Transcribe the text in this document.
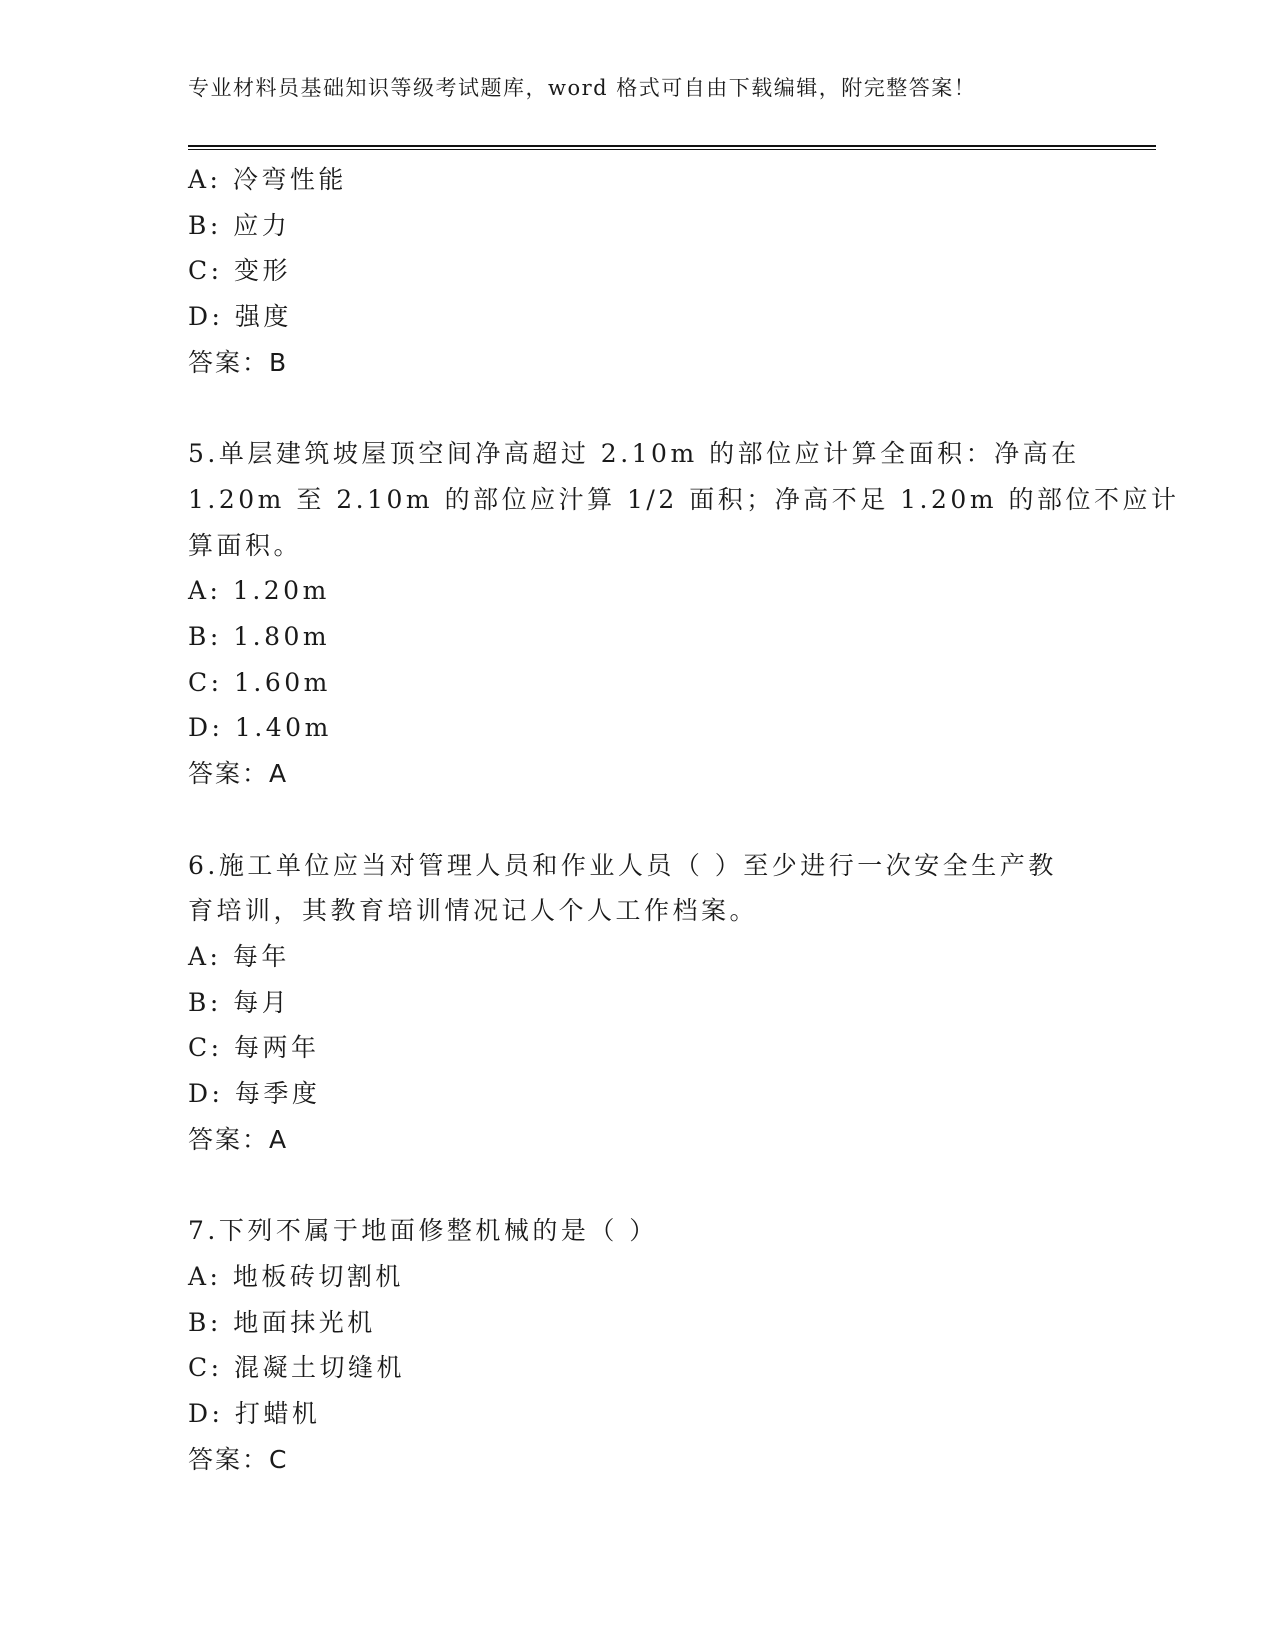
专业材料员基础知识等级考试题库，word 格式可自由下载编辑，附完整答案！
A: 冷弯性能
B: 应力
C: 变形
D: 强度
答案：B
5.单层建筑坡屋顶空间净高超过 2.10m 的部位应计算全面积：净高在
1.20m 至 2.10m 的部位应汁算 1/2 面积；净高不足 1.20m 的部位不应计
算面积。
A: 1.20m
B: 1.80m
C: 1.60m
D: 1.40m
答案：A
6.施工单位应当对管理人员和作业人员（ ）至少进行一次安全生产教
育培训，其教育培训情况记人个人工作档案。
A: 每年
B: 每月
C: 每两年
D: 每季度
答案：A
7.下列不属于地面修整机械的是（ ）
A: 地板砖切割机
B: 地面抹光机
C: 混凝土切缝机
D: 打蜡机
答案：C
